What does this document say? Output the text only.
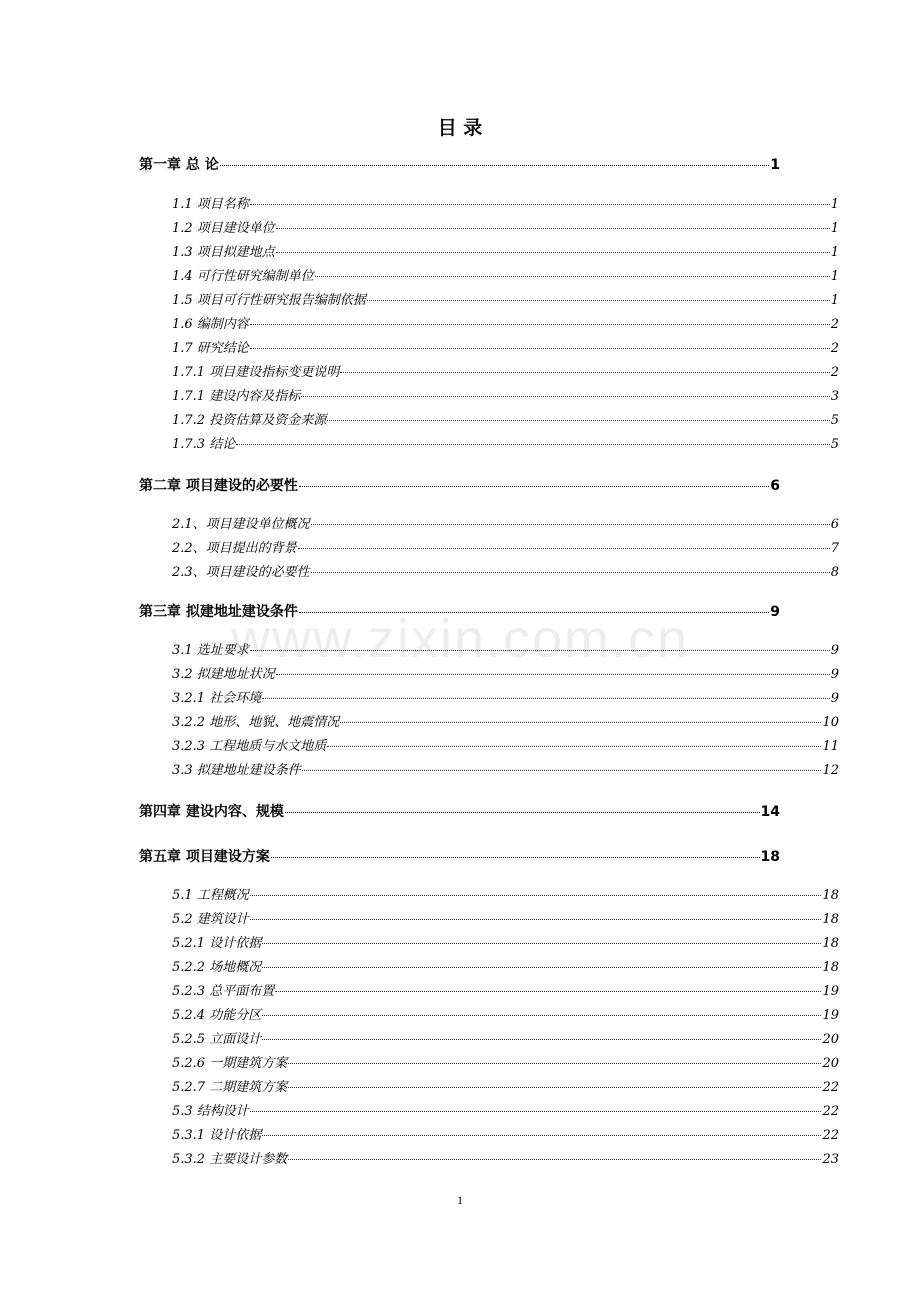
目 录
www.zixin.com.cn
第一章 总 论	1
1.1 项目名称	1
1.2 项目建设单位	1
1.3 项目拟建地点	1
1.4 可行性研究编制单位	1
1.5 项目可行性研究报告编制依据	1
1.6 编制内容	2
1.7 研究结论	2
1.7.1 项目建设指标变更说明	2
1.7.1 建设内容及指标	3
1.7.2 投资估算及资金来源	5
1.7.3 结论	5
第二章 项目建设的必要性	6
2.1、项目建设单位概况	6
2.2、项目提出的背景	7
2.3、项目建设的必要性	8
第三章 拟建地址建设条件	9
3.1 选址要求	9
3.2 拟建地址状况	9
3.2.1 社会环境	9
3.2.2 地形、地貌、地震情况	10
3.2.3 工程地质与水文地质	11
3.3 拟建地址建设条件	12
第四章 建设内容、规模	14
第五章 项目建设方案	18
5.1 工程概况	18
5.2 建筑设计	18
5.2.1 设计依据	18
5.2.2 场地概况	18
5.2.3 总平面布置	19
5.2.4 功能分区	19
5.2.5 立面设计	20
5.2.6 一期建筑方案	20
5.2.7 二期建筑方案	22
5.3 结构设计	22
5.3.1 设计依据	22
5.3.2 主要设计参数	23
1
